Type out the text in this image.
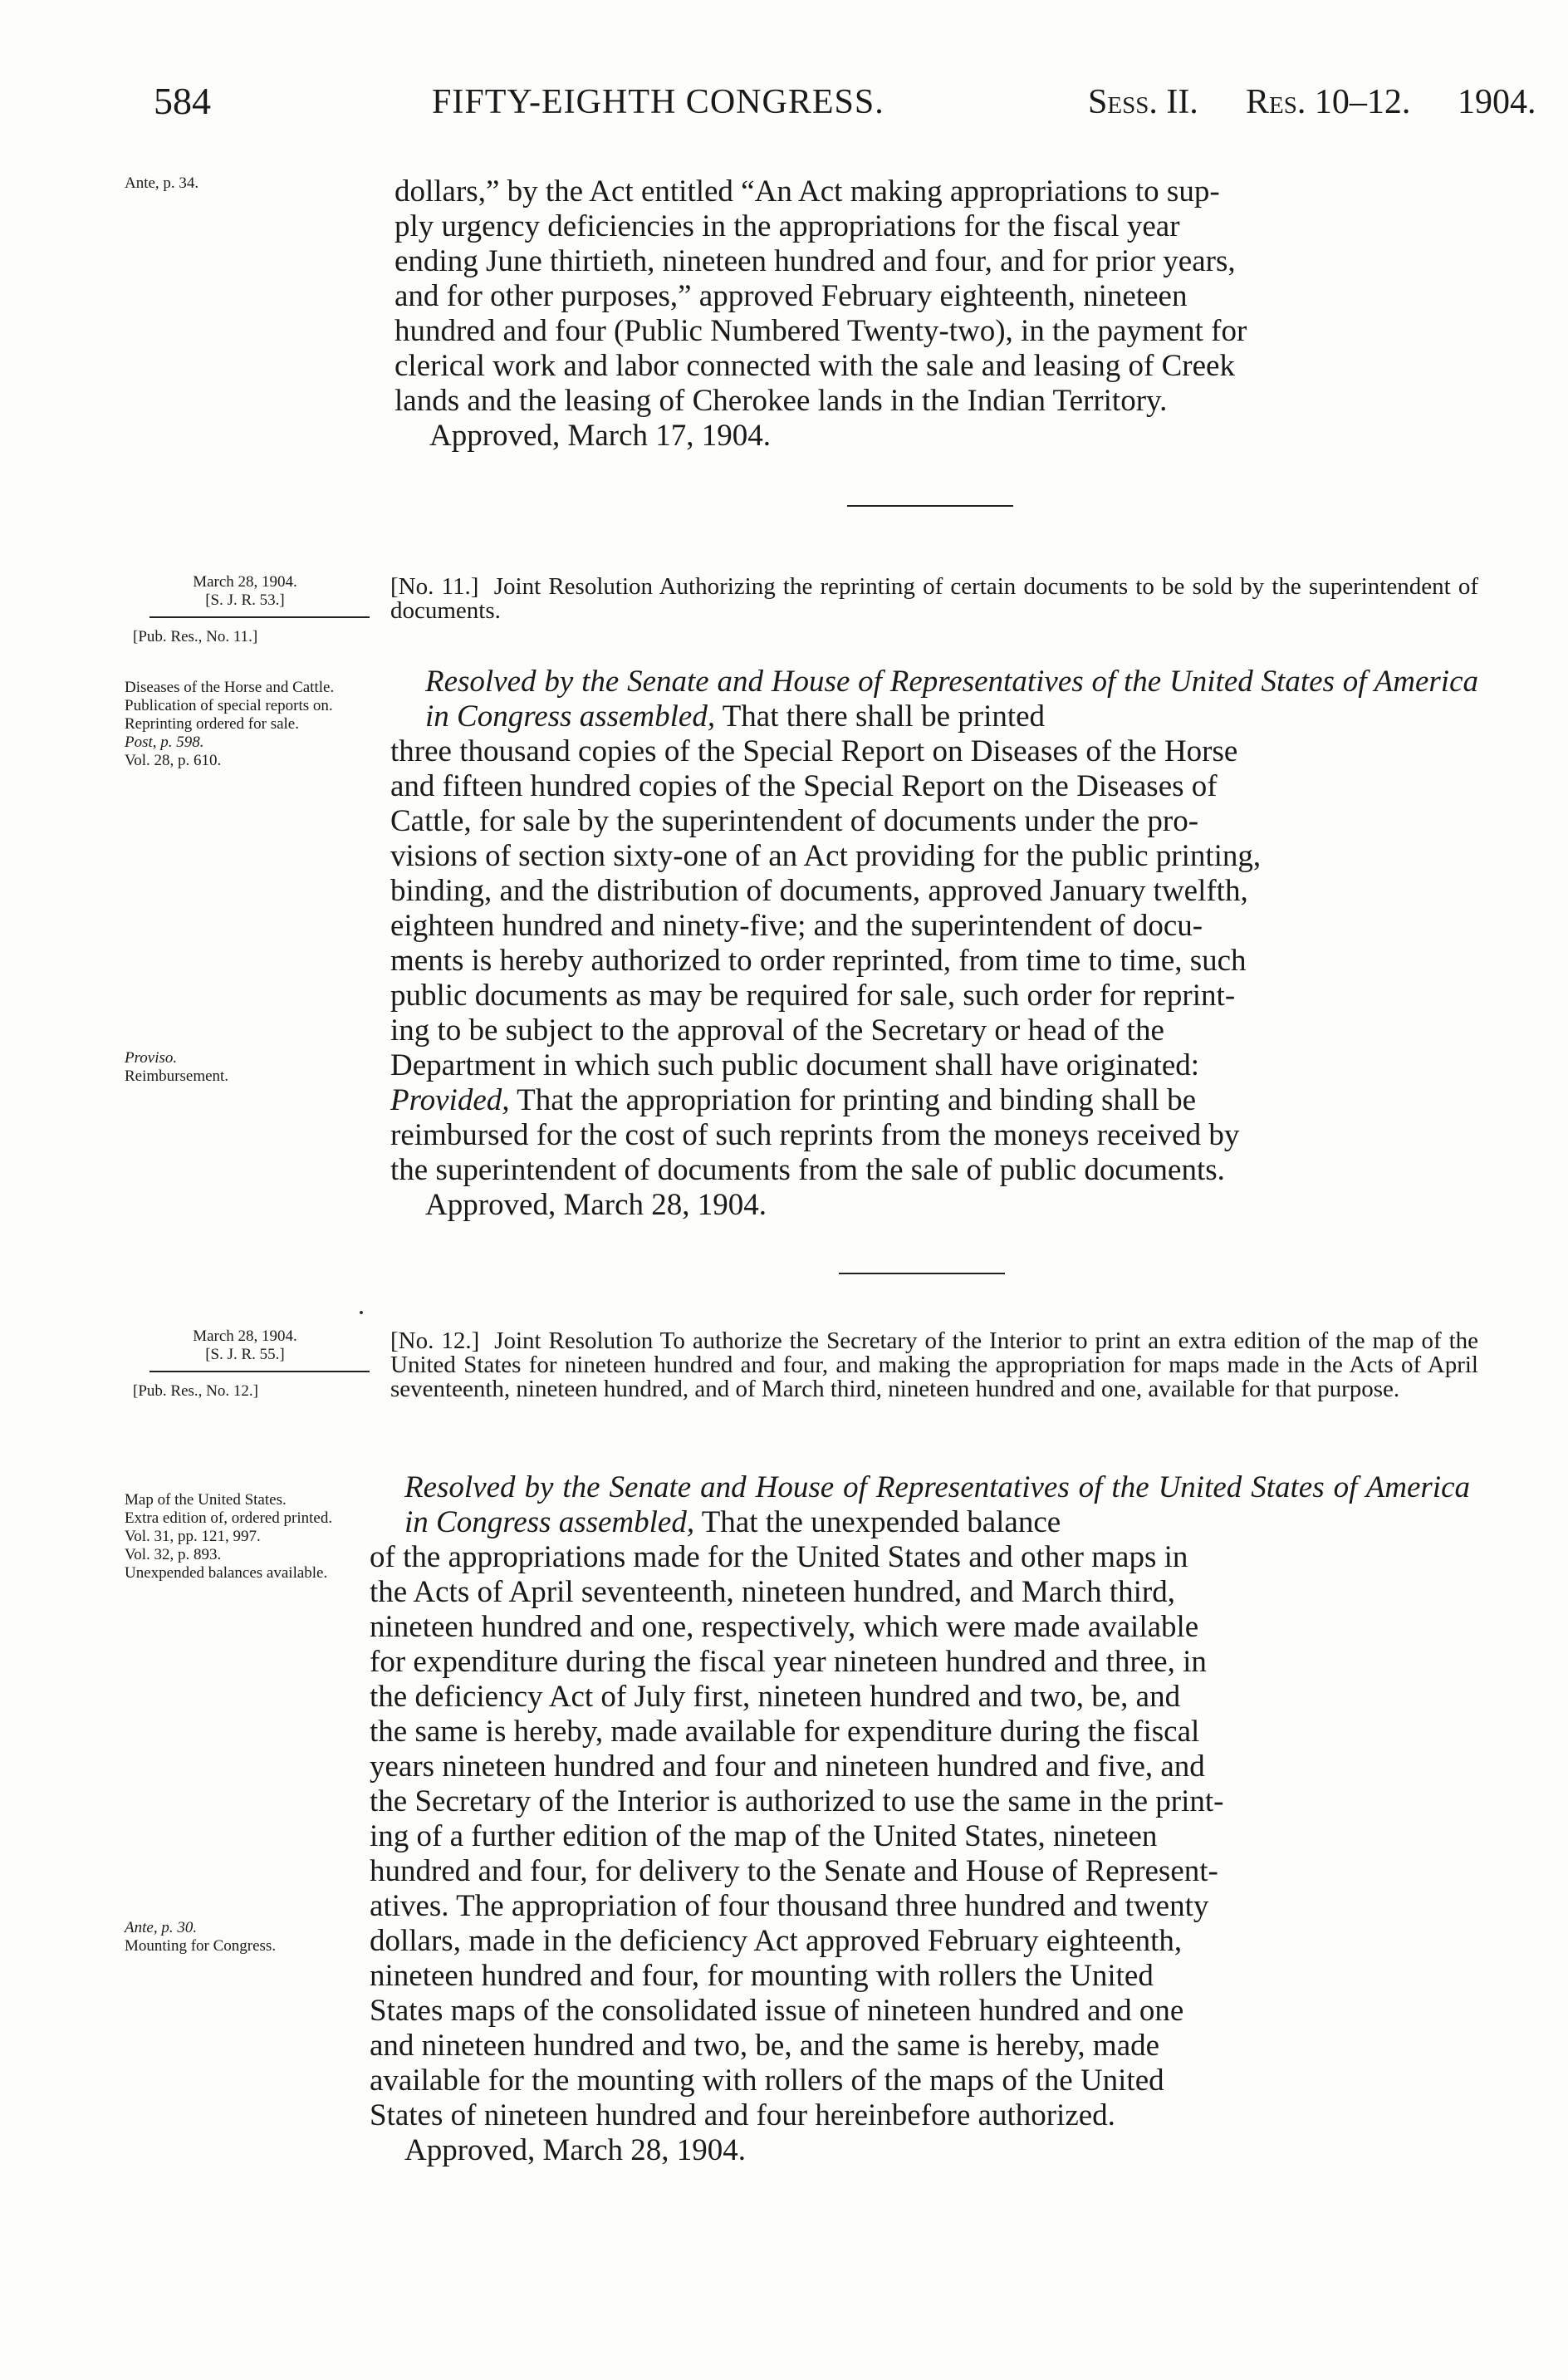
584	FIFTY-EIGHTH CONGRESS.	Sess. II. Res. 10–12. 1904.
Ante, p. 34.	dollars,” by the Act entitled “An Act making appropriations to sup-

ply urgency deficiencies in the appropriations for the fiscal year

ending June thirtieth, nineteen hundred and four, and for prior years,

and for other purposes,” approved February eighteenth, nineteen

hundred and four (Public Numbered Twenty-two), in the payment for

clerical work and labor connected with the sale and leasing of Creek

lands and the leasing of Cherokee lands in the Indian Territory.

Approved, March 17, 1904.

March 28, 1904.
[S. J. R. 53.]
[Pub. Res., No. 11.]

[No. 11.] Joint Resolution Authorizing the reprinting of certain documents to be sold by the superintendent of documents.

Diseases of the Horse and Cattle.
Publication of special reports on.
Reprinting ordered for sale.
Post, p. 598.
Vol. 28, p. 610.

Resolved by the Senate and House of Representatives of the United States of America in Congress assembled, That there shall be printed

three thousand copies of the Special Report on Diseases of the Horse

and fifteen hundred copies of the Special Report on the Diseases of

Cattle, for sale by the superintendent of documents under the pro-

visions of section sixty-one of an Act providing for the public printing,

binding, and the distribution of documents, approved January twelfth,

eighteen hundred and ninety-five; and the superintendent of docu-

ments is hereby authorized to order reprinted, from time to time, such

public documents as may be required for sale, such order for reprint-

ing to be subject to the approval of the Secretary or head of the

Department in which such public document shall have originated:

Provided, That the appropriation for printing and binding shall be

reimbursed for the cost of such reprints from the moneys received by

the superintendent of documents from the sale of public documents.

Approved, March 28, 1904.

Proviso.
Reimbursement.
March 28, 1904.
[S. J. R. 55.]
[Pub. Res., No. 12.]

[No. 12.] Joint Resolution To authorize the Secretary of the Interior to print an extra edition of the map of the United States for nineteen hundred and four, and making the appropriation for maps made in the Acts of April seventeenth, nineteen hundred, and of March third, nineteen hundred and one, available for that purpose.

Map of the United States.
Extra edition of, ordered printed.
Vol. 31, pp. 121, 997.
Vol. 32, p. 893.
Unexpended balances available.

Resolved by the Senate and House of Representatives of the United States of America in Congress assembled, That the unexpended balance

of the appropriations made for the United States and other maps in

the Acts of April seventeenth, nineteen hundred, and March third,

nineteen hundred and one, respectively, which were made available

for expenditure during the fiscal year nineteen hundred and three, in

the deficiency Act of July first, nineteen hundred and two, be, and

the same is hereby, made available for expenditure during the fiscal

years nineteen hundred and four and nineteen hundred and five, and

the Secretary of the Interior is authorized to use the same in the print-

ing of a further edition of the map of the United States, nineteen

hundred and four, for delivery to the Senate and House of Represent-

atives. The appropriation of four thousand three hundred and twenty

dollars, made in the deficiency Act approved February eighteenth,

nineteen hundred and four, for mounting with rollers the United

States maps of the consolidated issue of nineteen hundred and one

and nineteen hundred and two, be, and the same is hereby, made

available for the mounting with rollers of the maps of the United

States of nineteen hundred and four hereinbefore authorized.

Approved, March 28, 1904.

Ante, p. 30.
Mounting for Congress.
